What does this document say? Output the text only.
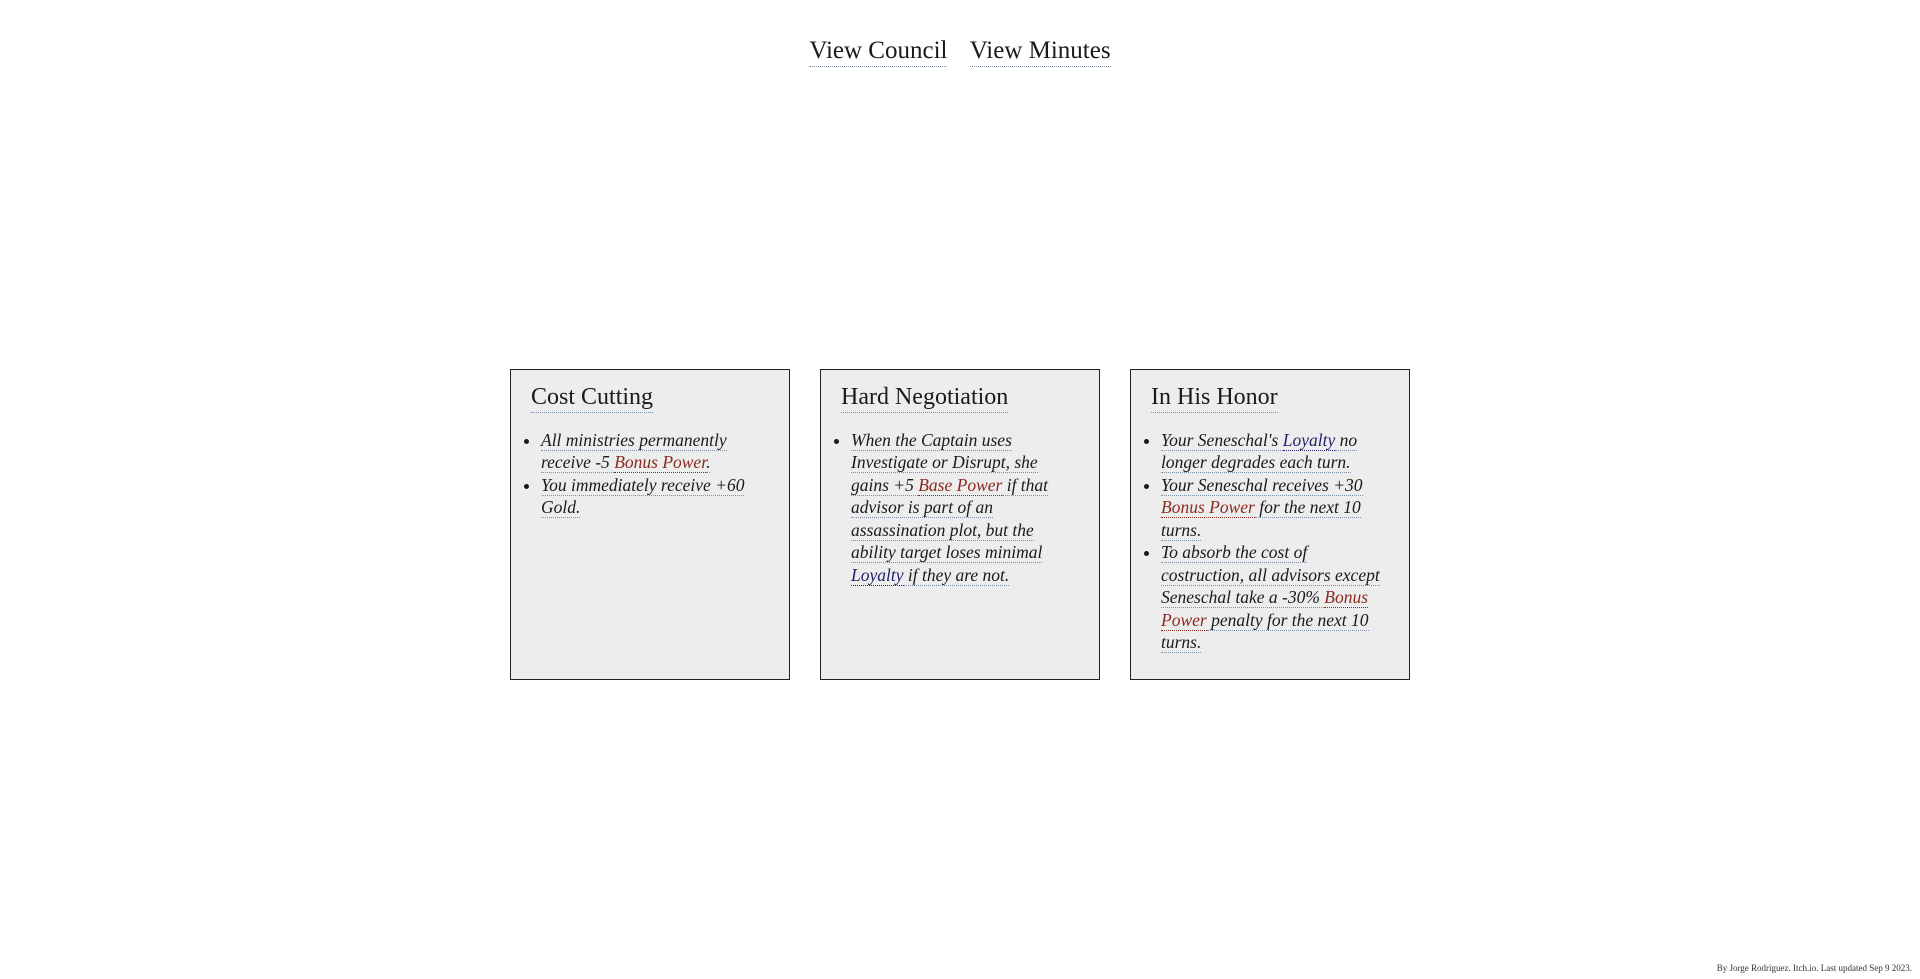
View Council View Minutes
Cost Cutting
• All ministries permanently receive -5 Bonus Power.
• You immediately receive +60 Gold.
Hard Negotiation
• When the Captain uses Investigate or Disrupt, she gains +5 Base Power if that advisor is part of an assassination plot, but the ability target loses minimal Loyalty if they are not.
In His Honor
• Your Seneschal's Loyalty no longer degrades each turn.
• Your Seneschal receives +30 Bonus Power for the next 10 turns.
• To absorb the cost of costruction, all advisors except Seneschal take a -30% Bonus Power penalty for the next 10 turns.
By Jorge Rodriguez. Itch.io. Last updated Sep 9 2023.
